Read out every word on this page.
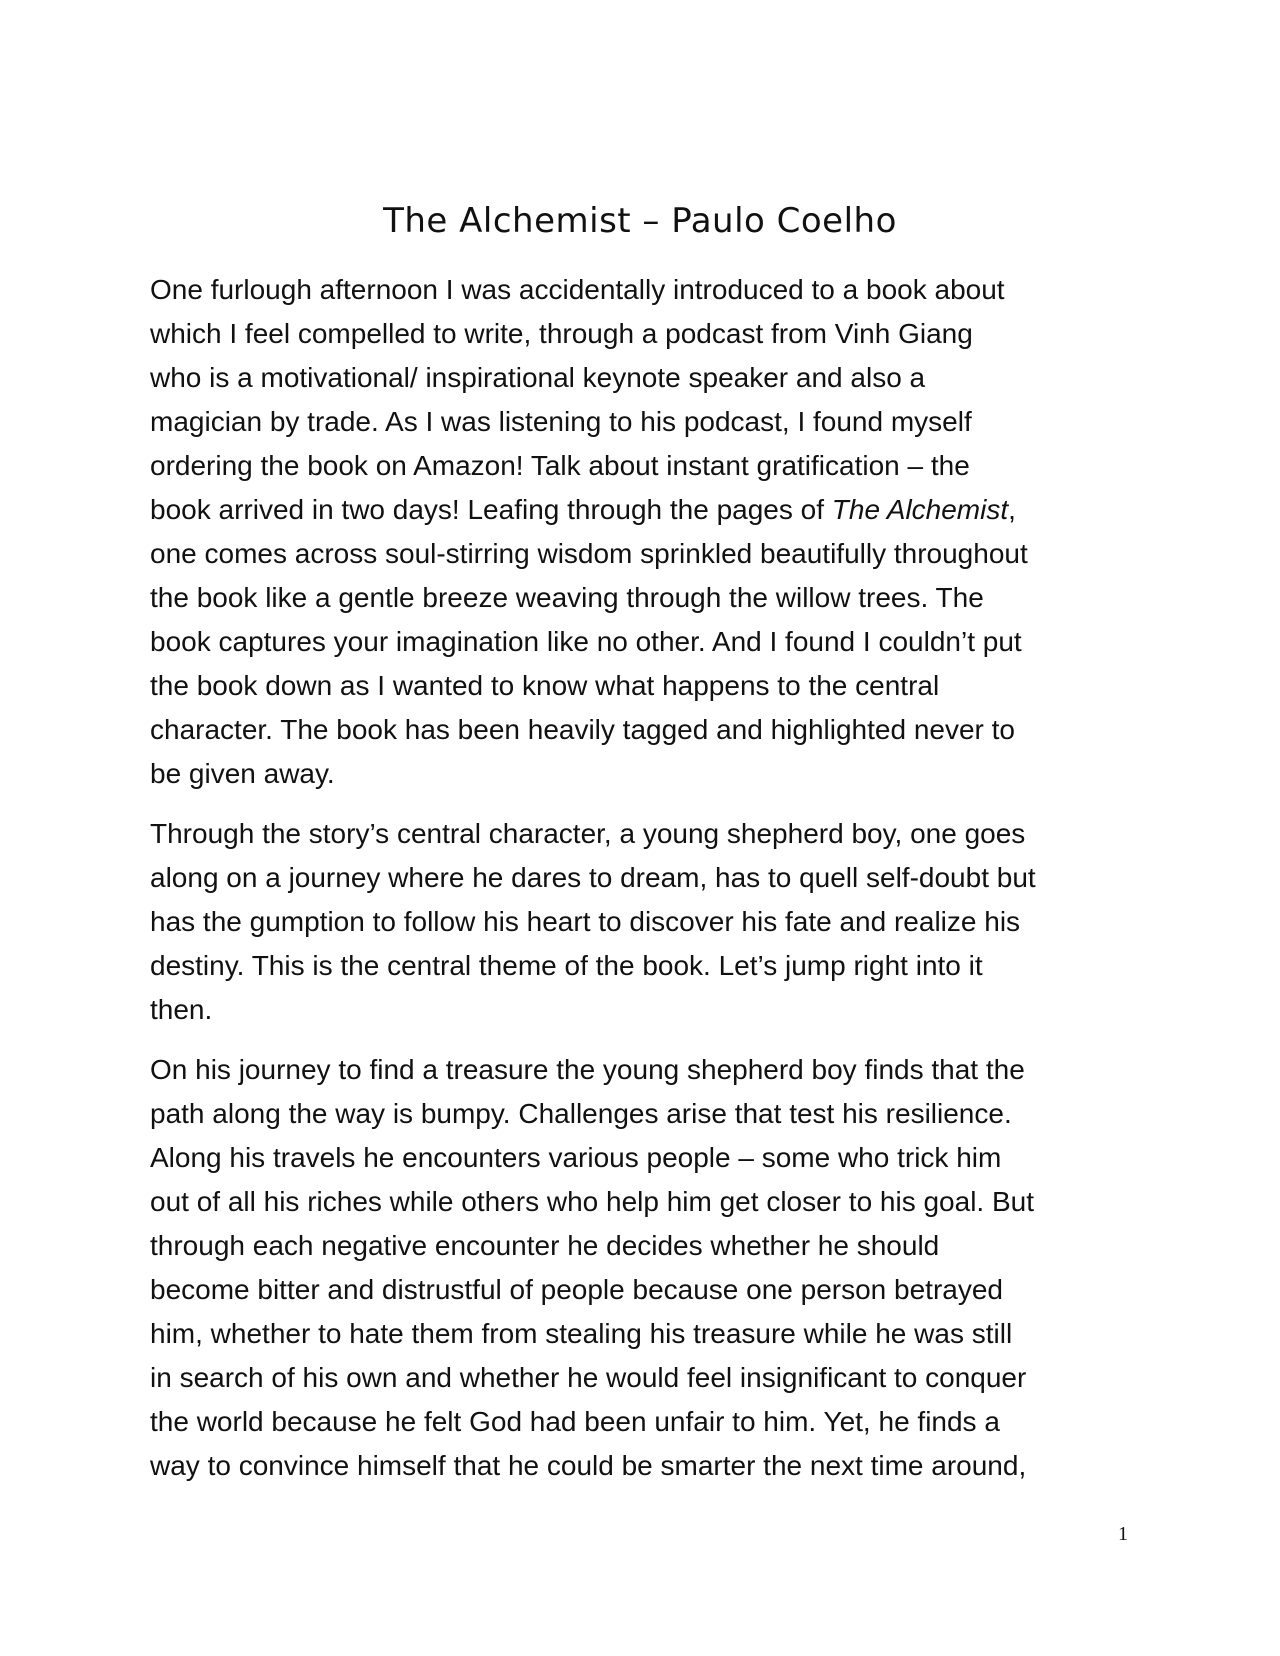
The Alchemist – Paulo Coelho

One furlough afternoon I was accidentally introduced to a book about
which I feel compelled to write, through a podcast from Vinh Giang
who is a motivational/ inspirational keynote speaker and also a
magician by trade. As I was listening to his podcast, I found myself
ordering the book on Amazon! Talk about instant gratification – the
book arrived in two days! Leafing through the pages of The Alchemist,
one comes across soul-stirring wisdom sprinkled beautifully throughout
the book like a gentle breeze weaving through the willow trees. The
book captures your imagination like no other. And I found I couldn’t put
the book down as I wanted to know what happens to the central
character. The book has been heavily tagged and highlighted never to
be given away.

Through the story’s central character, a young shepherd boy, one goes
along on a journey where he dares to dream, has to quell self-doubt but
has the gumption to follow his heart to discover his fate and realize his
destiny. This is the central theme of the book. Let’s jump right into it
then.

On his journey to find a treasure the young shepherd boy finds that the
path along the way is bumpy. Challenges arise that test his resilience.
Along his travels he encounters various people – some who trick him
out of all his riches while others who help him get closer to his goal. But
through each negative encounter he decides whether he should
become bitter and distrustful of people because one person betrayed
him, whether to hate them from stealing his treasure while he was still
in search of his own and whether he would feel insignificant to conquer
the world because he felt God had been unfair to him. Yet, he finds a
way to convince himself that he could be smarter the next time around,

1
